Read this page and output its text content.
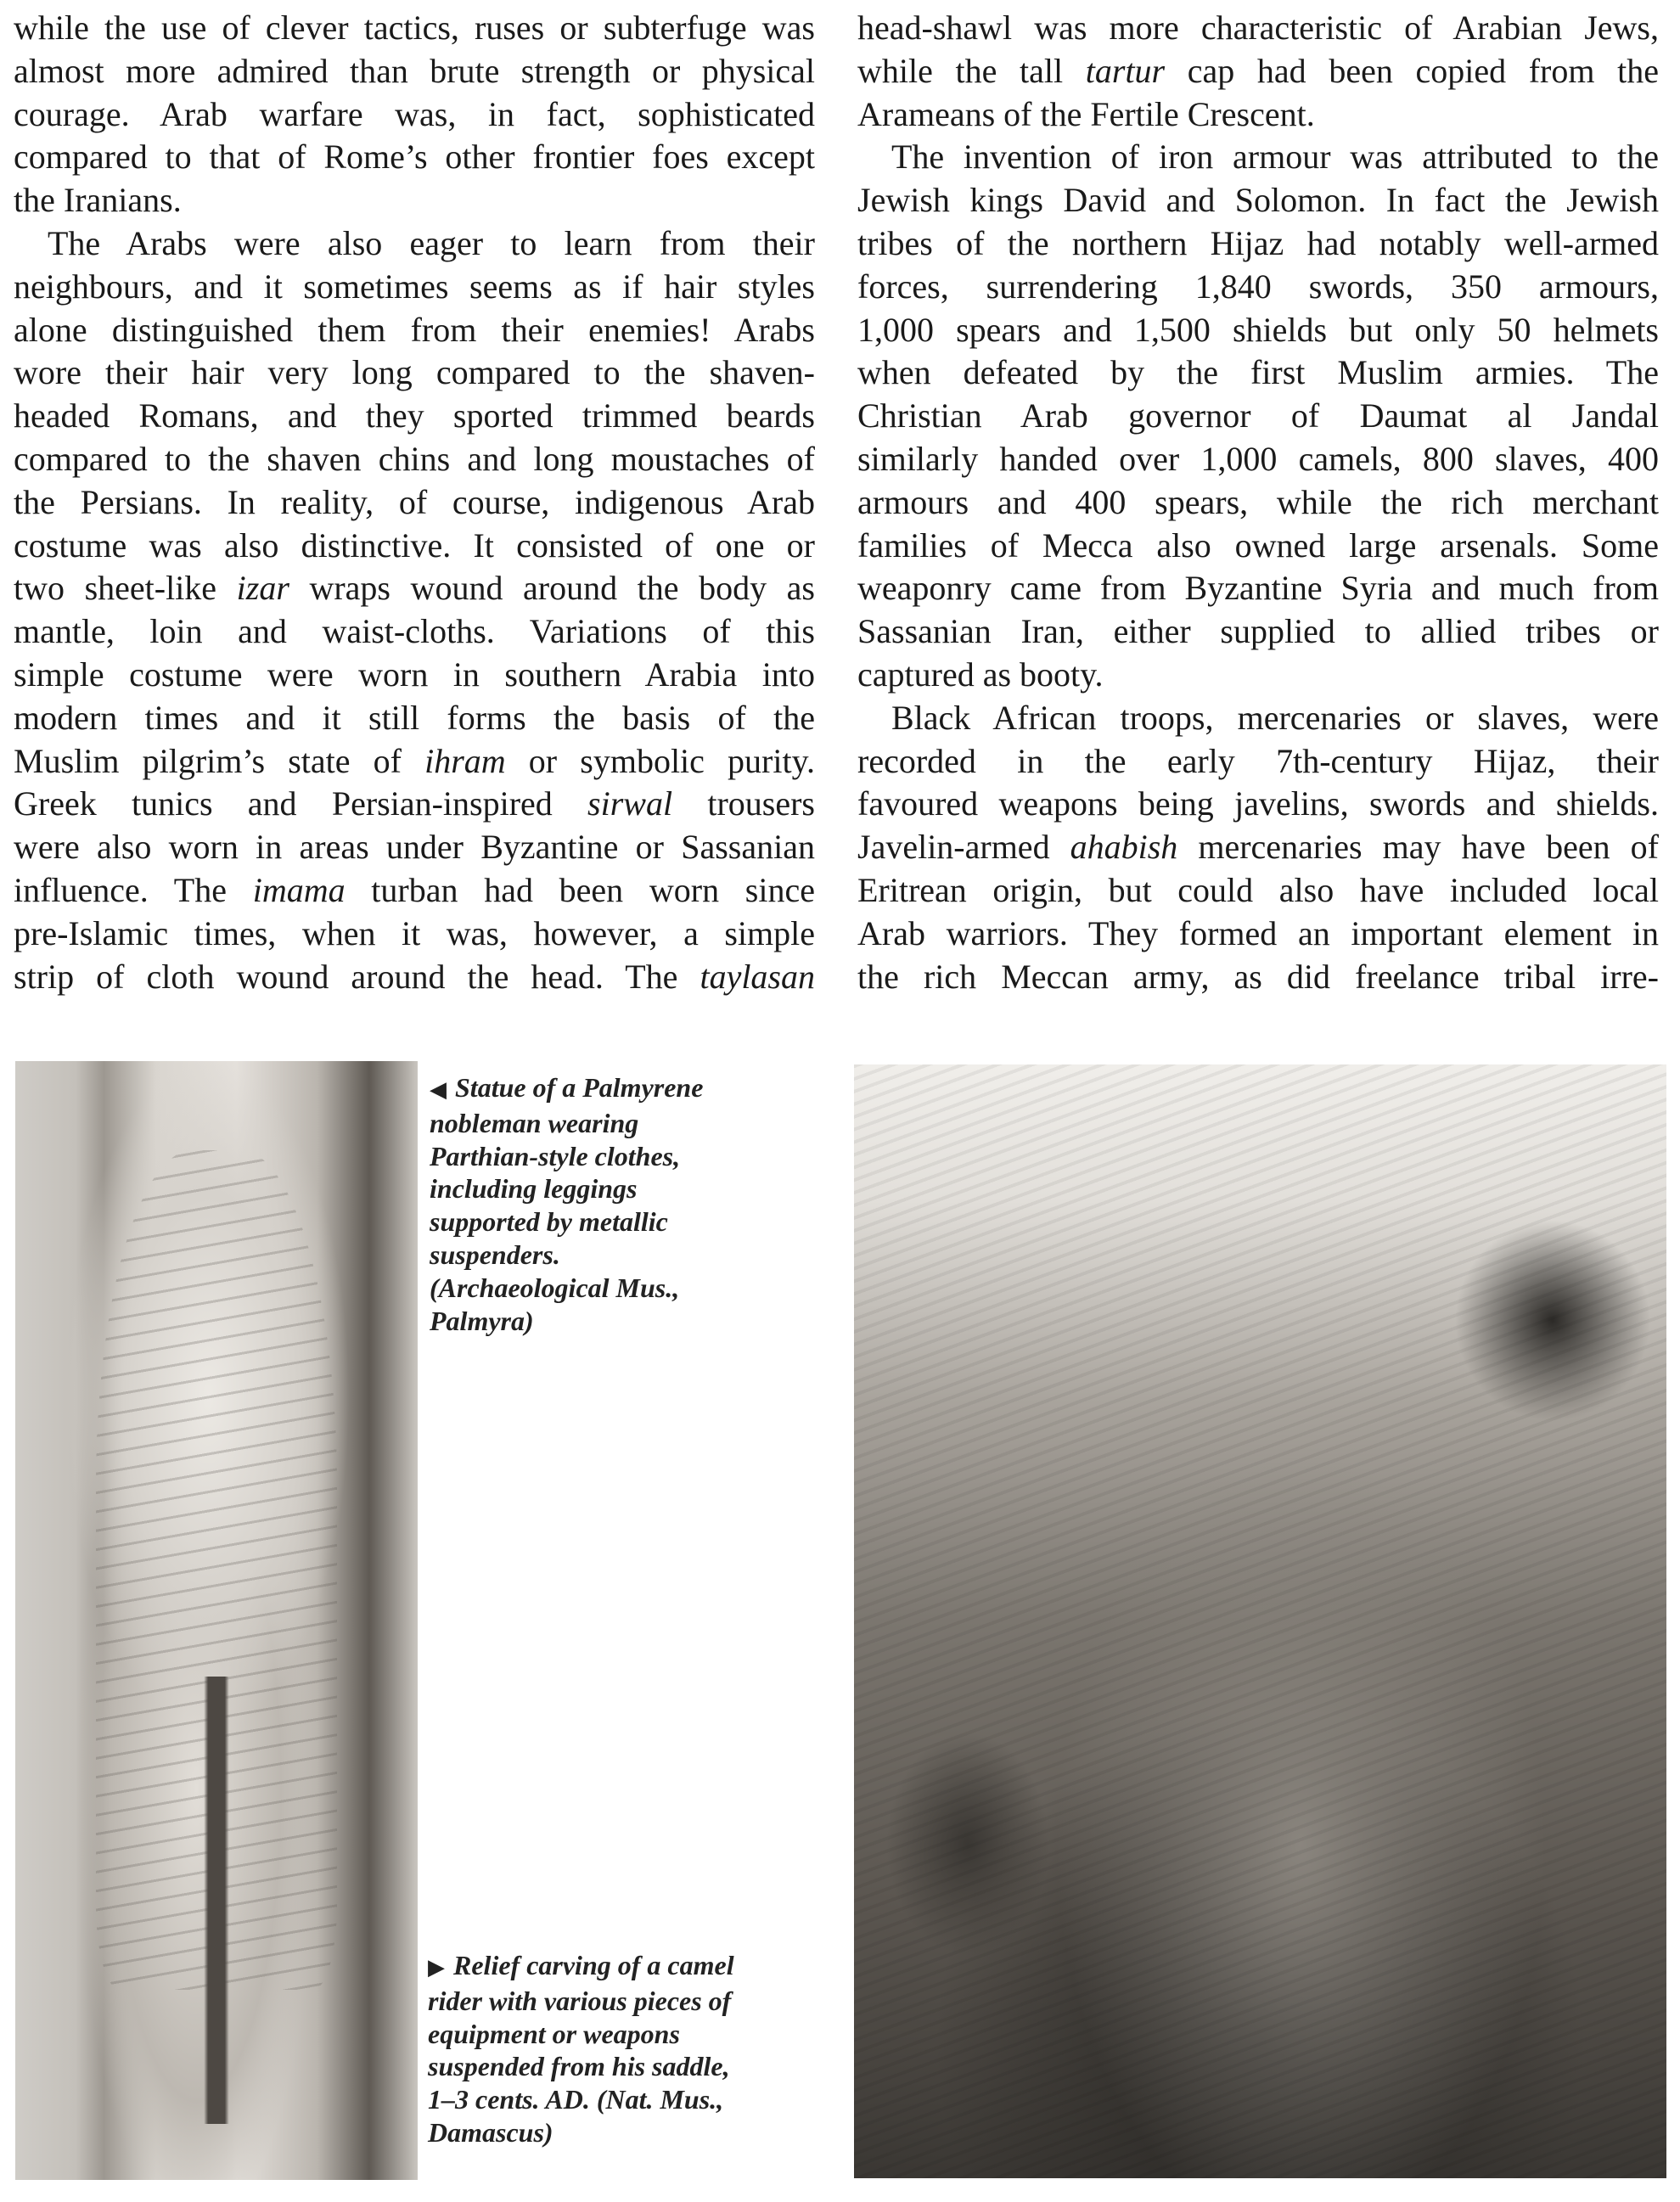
while the use of clever tactics, ruses or subterfuge was
almost more admired than brute strength or physical
courage. Arab warfare was, in fact, sophisticated
compared to that of Rome’s other frontier foes except
the Iranians.
The Arabs were also eager to learn from their
neighbours, and it sometimes seems as if hair styles
alone distinguished them from their enemies! Arabs
wore their hair very long compared to the shaven-
headed Romans, and they sported trimmed beards
compared to the shaven chins and long moustaches of
the Persians. In reality, of course, indigenous Arab
costume was also distinctive. It consisted of one or
two sheet-like izar wraps wound around the body as
mantle, loin and waist-cloths. Variations of this
simple costume were worn in southern Arabia into
modern times and it still forms the basis of the
Muslim pilgrim’s state of ihram or symbolic purity.
Greek tunics and Persian-inspired sirwal trousers
were also worn in areas under Byzantine or Sassanian
influence. The imama turban had been worn since
pre-Islamic times, when it was, however, a simple
strip of cloth wound around the head. The taylasan
head-shawl was more characteristic of Arabian Jews,
while the tall tartur cap had been copied from the
Arameans of the Fertile Crescent.
The invention of iron armour was attributed to the
Jewish kings David and Solomon. In fact the Jewish
tribes of the northern Hijaz had notably well-armed
forces, surrendering 1,840 swords, 350 armours,
1,000 spears and 1,500 shields but only 50 helmets
when defeated by the first Muslim armies. The
Christian Arab governor of Daumat al Jandal
similarly handed over 1,000 camels, 800 slaves, 400
armours and 400 spears, while the rich merchant
families of Mecca also owned large arsenals. Some
weaponry came from Byzantine Syria and much from
Sassanian Iran, either supplied to allied tribes or
captured as booty.
Black African troops, mercenaries or slaves, were
recorded in the early 7th-century Hijaz, their
favoured weapons being javelins, swords and shields.
Javelin-armed ahabish mercenaries may have been of
Eritrean origin, but could also have included local
Arab warriors. They formed an important element in
the rich Meccan army, as did freelance tribal irre-
◀ Statue of a Palmyrene
nobleman wearing
Parthian-style clothes,
including leggings
supported by metallic
suspenders.
(Archaeological Mus.,
Palmyra)
▶ Relief carving of a camel
rider with various pieces of
equipment or weapons
suspended from his saddle,
1–3 cents. AD. (Nat. Mus.,
Damascus)
